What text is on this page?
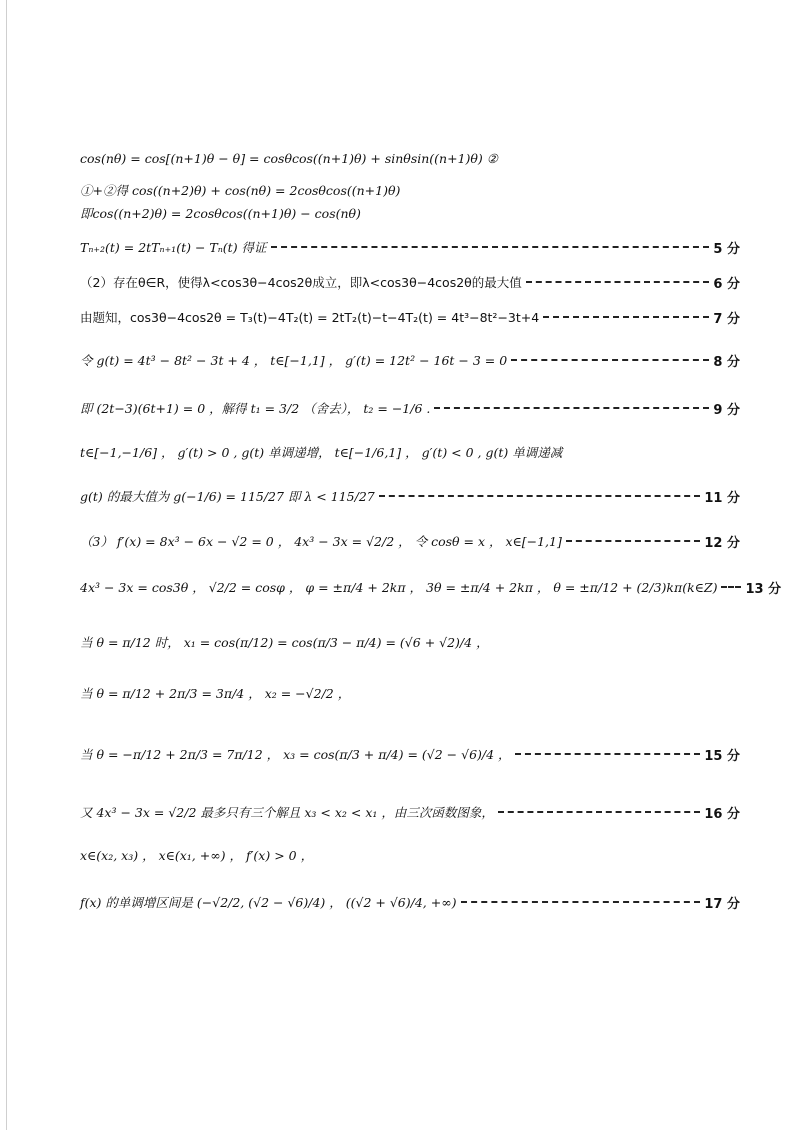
cos(nθ) = cos[(n+1)θ − θ] = cosθcos((n+1)θ) + sinθsin((n+1)θ) ②
①+②得 cos((n+2)θ) + cos(nθ) = 2cosθcos((n+1)θ)
即cos((n+2)θ) = 2cosθcos((n+1)θ) − cos(nθ)
Tₙ₊₂(t) = 2tTₙ₊₁(t) − Tₙ(t) 得证	5 分
（2）存在θ∈R，使得λ<cos3θ−4cos2θ成立，即λ<cos3θ−4cos2θ的最大值	6 分
由题知，cos3θ−4cos2θ = T₃(t)−4T₂(t) = 2tT₂(t)−t−4T₂(t) = 4t³−8t²−3t+4	7 分
令 g(t) = 4t³ − 8t² − 3t + 4 ， t∈[−1,1] ， g′(t) = 12t² − 16t − 3 = 0	8 分
即 (2t−3)(6t+1) = 0 ，解得 t₁ = 3/2 （舍去）， t₂ = −1/6 .	9 分
t∈[−1,−1/6] ， g′(t) > 0 , g(t) 单调递增， t∈[−1/6,1] ， g′(t) < 0 , g(t) 单调递减
g(t) 的最大值为 g(−1/6) = 115/27 即 λ < 115/27	11 分
（3） f′(x) = 8x³ − 6x − √2 = 0 ， 4x³ − 3x = √2/2 ， 令 cosθ = x ， x∈[−1,1]	12 分
4x³ − 3x = cos3θ ， √2/2 = cosφ ， φ = ±π/4 + 2kπ ， 3θ = ±π/4 + 2kπ ， θ = ±π/12 + (2/3)kπ(k∈Z) 13 分
当 θ = π/12 时， x₁ = cos(π/12) = cos(π/3 − π/4) = (√6 + √2)/4 ，
当 θ = π/12 + 2π/3 = 3π/4 ， x₂ = −√2/2 ，
当 θ = −π/12 + 2π/3 = 7π/12 ， x₃ = cos(π/3 + π/4) = (√2 − √6)/4 ，	15 分
又 4x³ − 3x = √2/2 最多只有三个解且 x₃ < x₂ < x₁ ，由三次函数图象，	16 分
x∈(x₂, x₃) ， x∈(x₁, +∞) ， f′(x) > 0 ，
f(x) 的单调增区间是 (−√2/2, (√2 − √6)/4) ， ((√2 + √6)/4, +∞)	17 分
